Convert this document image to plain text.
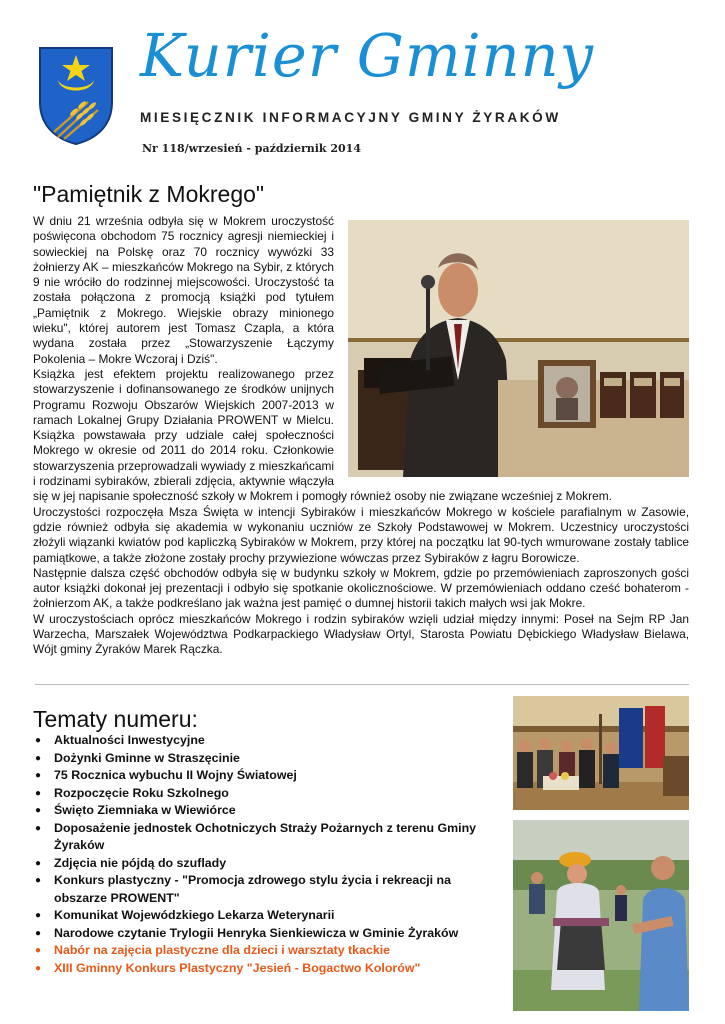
Kurier Gminny
MIESIĘCZNIK INFORMACYJNY GMINY ŻYRAKÓW
Nr 118/wrzesień - październik 2014
"Pamiętnik z Mokrego"

W dniu 21 września odbyła się w Mokrem uroczystość poświęcona obchodom 75 rocznicy agresji niemieckiej i sowieckiej na Polskę oraz 70 rocznicy wywózki 33 żołnierzy AK – mieszkańców Mokrego na Sybir, z których 9 nie wróciło do rodzinnej miejscowości. Uroczystość ta została połączona z promocją książki pod tytułem „Pamiętnik z Mokrego. Wiejskie obrazy minionego wieku", której autorem jest Tomasz Czapla, a która wydana została przez „Stowarzyszenie Łączymy Pokolenia – Mokre Wczoraj i Dziś".

Książka jest efektem projektu realizowanego przez stowarzyszenie i dofinansowanego ze środków unijnych Programu Rozwoju Obszarów Wiejskich 2007-2013 w ramach Lokalnej Grupy Działania PROWENT w Mielcu. Książka powstawała przy udziale całej społeczności Mokrego w okresie od 2011 do 2014 roku. Członkowie stowarzyszenia przeprowadzali wywiady z mieszkańcami i rodzinami sybiraków, zbierali zdjęcia, aktywnie włączyła się w jej napisanie społeczność szkoły w Mokrem i pomogły również osoby nie związane wcześniej z Mokrem.

Uroczystości rozpoczęła Msza Święta w intencji Sybiraków i mieszkańców Mokrego w kościele parafialnym w Zasowie, gdzie również odbyła się akademia w wykonaniu uczniów ze Szkoły Podstawowej w Mokrem. Uczestnicy uroczystości złożyli wiązanki kwiatów pod kapliczką Sybiraków w Mokrem, przy której na początku lat 90-tych wmurowane zostały tablice pamiątkowe, a także złożone zostały prochy przywiezione wówczas przez Sybiraków z łagru Borowicze.

Następnie dalsza część obchodów odbyła się w budynku szkoły w Mokrem, gdzie po przemówieniach zaproszonych gości autor książki dokonał jej prezentacji i odbyło się spotkanie okolicznościowe. W przemówieniach oddano cześć bohaterom - żołnierzom AK, a także podkreślano jak ważna jest pamięć o dumnej historii takich małych wsi jak Mokre.

W uroczystościach oprócz mieszkańców Mokrego i rodzin sybiraków wzięli udział między innymi: Poseł na Sejm RP Jan Warzecha, Marszałek Województwa Podkarpackiego Władysław Ortyl, Starosta Powiatu Dębickiego Władysław Bielawa, Wójt gminy Żyraków Marek Rączka.

Tematy numeru:
● Aktualności Inwestycyjne
● Dożynki Gminne w Straszęcinie
● 75 Rocznica wybuchu II Wojny Światowej
● Rozpoczęcie Roku Szkolnego
● Święto Ziemniaka w Wiewiórce
● Doposażenie jednostek Ochotniczych Straży Pożarnych z terenu Gminy Żyraków
● Zdjęcia nie pójdą do szuflady
● Konkurs plastyczny - "Promocja zdrowego stylu życia i rekreacji na obszarze PROWENT"
● Komunikat Wojewódzkiego Lekarza Weterynarii
● Narodowe czytanie Trylogii Henryka Sienkiewicza w Gminie Żyraków
● Nabór na zajęcia plastyczne dla dzieci i warsztaty tkackie
● XIII Gminny Konkurs Plastyczny "Jesień - Bogactwo Kolorów"
